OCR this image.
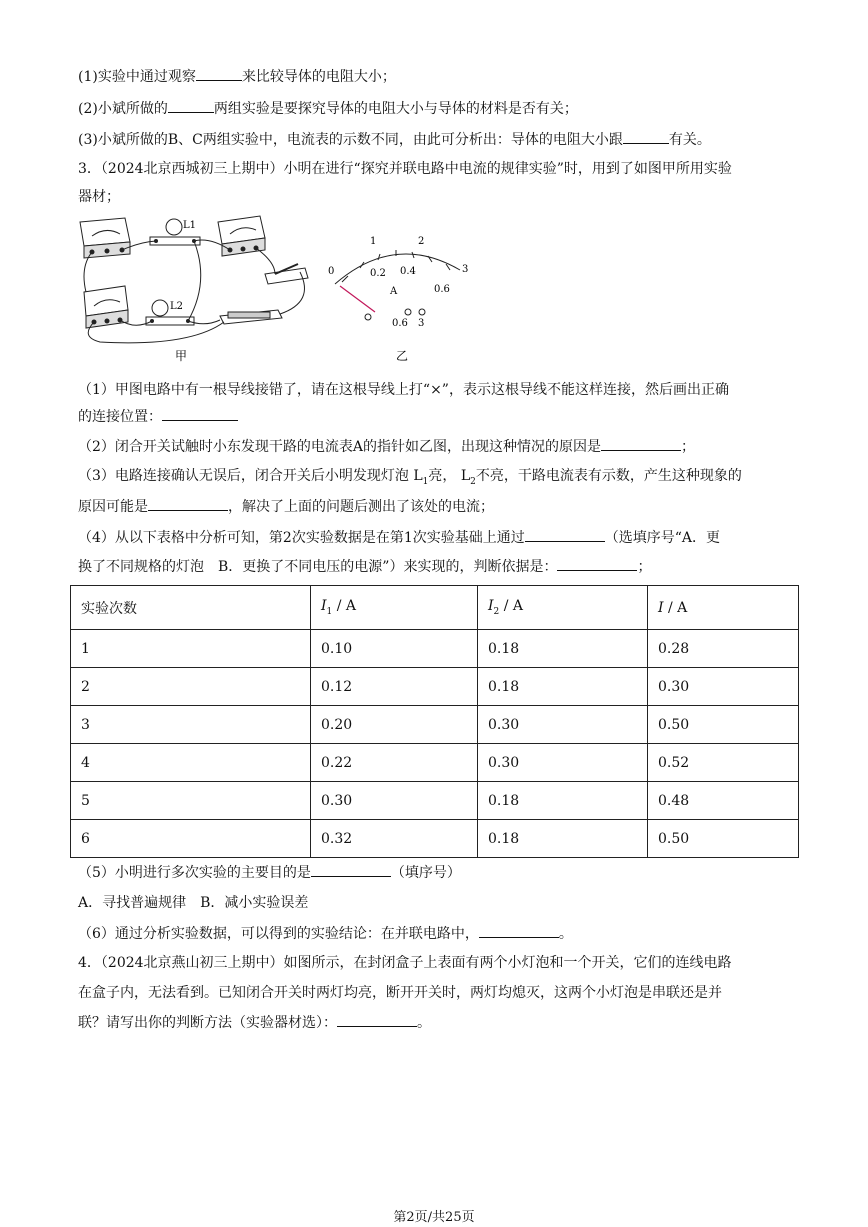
(1)实验中通过观察	来比较导体的电阻大小；
(2)小斌所做的	两组实验是要探究导体的电阻大小与导体的材料是否有关；
(3)小斌所做的B、C两组实验中，电流表的示数不同，由此可分析出：导体的电阻大小跟	有关。
3．（2024北京西城初三上期中）小明在进行“探究并联电路中电流的规律实验”时，用到了如图甲所用实验
器材；
L1
L2
甲
0
1	2
3
0.2 0.4
0.6
A
0.6 3
乙
（1）甲图电路中有一根导线接错了，请在这根导线上打“×”，表示这根导线不能这样连接，然后画出正确
的连接位置：
（2）闭合开关试触时小东发现干路的电流表A的指针如乙图，出现这种情况的原因是	；
（3）电路连接确认无误后，闭合开关后小明发现灯泡 $L_1$亮， $L_2$不亮，干路电流表有示数，产生这种现象的
原因可能是	，解决了上面的问题后测出了该处的电流；
（4）从以下表格中分析可知，第2次实验数据是在第1次实验基础上通过	（选填序号“A．更
换了不同规格的灯泡　B．更换了不同电压的电源”）来实现的，判断依据是：	；
实验次数	$I_1$ / A	$I_2$ / A	I / A
1	0.10	0.18	0.28
2	0.12	0.18	0.30
3	0.20	0.30	0.50
4	0.22	0.30	0.52
5	0.30	0.18	0.48
6	0.32	0.18	0.50
（5）小明进行多次实验的主要目的是	（填序号）
A．寻找普遍规律　B．减小实验误差
（6）通过分析实验数据，可以得到的实验结论：在并联电路中，	。
4．（2024北京燕山初三上期中）如图所示，在封闭盒子上表面有两个小灯泡和一个开关，它们的连线电路
在盒子内，无法看到。已知闭合开关时两灯均亮，断开开关时，两灯均熄灭，这两个小灯泡是串联还是并
联？请写出你的判断方法（实验器材选）：	。
第2页/共25页
